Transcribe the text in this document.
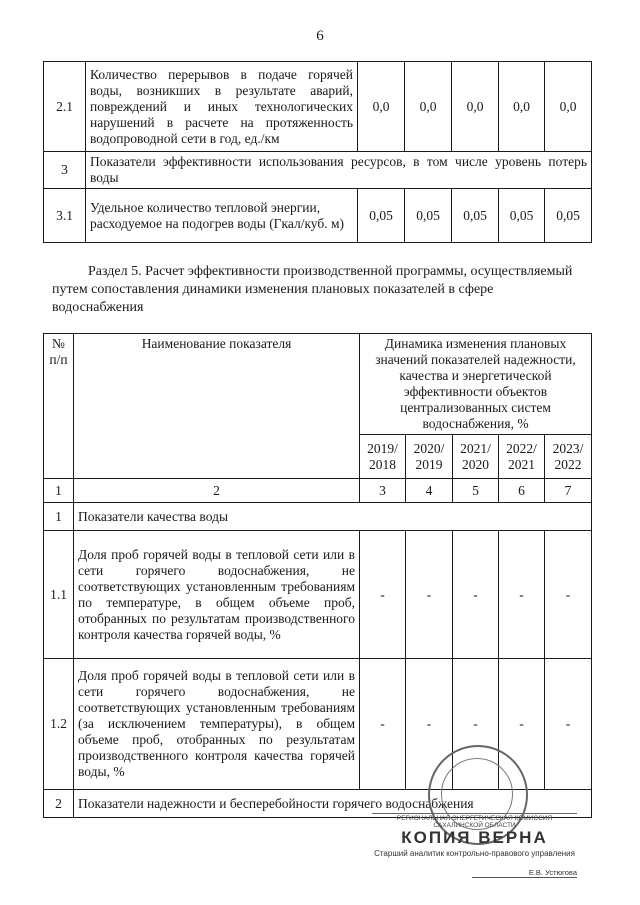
6
2.1	Количество перерывов в подаче горячей воды, возникших в результате аварий, повреждений и иных технологических нарушений в расчете на протяженность водопроводной сети в год, ед./км	0,0	0,0	0,0	0,0	0,0
3	Показатели эффективности использования ресурсов, в том числе уровень потерь воды					
3.1	Удельное количество тепловой энергии, расходуемое на подогрев воды (Гкал/куб. м)	0,05	0,05	0,05	0,05	0,05
Раздел 5. Расчет эффективности производственной программы, осуществляемый путем сопоставления динамики изменения плановых показателей в сфере водоснабжения
№ п/п	Наименование показателя	Динамика изменения плановых значений показателей надежности, качества и энергетической эффективности объектов централизованных систем водоснабжения, %				
		2019/ 2018	2020/ 2019	2021/ 2020	2022/ 2021	2023/ 2022
1	2	3	4	5	6	7
1	Показатели качества воды					
1.1	Доля проб горячей воды в тепловой сети или в сети горячего водоснабжения, не соответствующих установленным требованиям по температуре, в общем объеме проб, отобранных по результатам производственного контроля качества горячей воды, %	-	-	-	-	-
1.2	Доля проб горячей воды в тепловой сети или в сети горячего водоснабжения, не соответствующих установленным требованиям (за исключением температуры), в общем объеме проб, отобранных по результатам производственного контроля качества горячей воды, %	-	-	-	-	-
2	Показатели надежности и бесперебойности горячего водоснабжения					
РЕГИОНАЛЬНАЯ ЭНЕРГЕТИЧЕСКАЯ КОМИССИЯ САХАЛИНСКОЙ ОБЛАСТИ
КОПИЯ ВЕРНА
Старший аналитик контрольно-правового управления
Е.В. Устюгова
